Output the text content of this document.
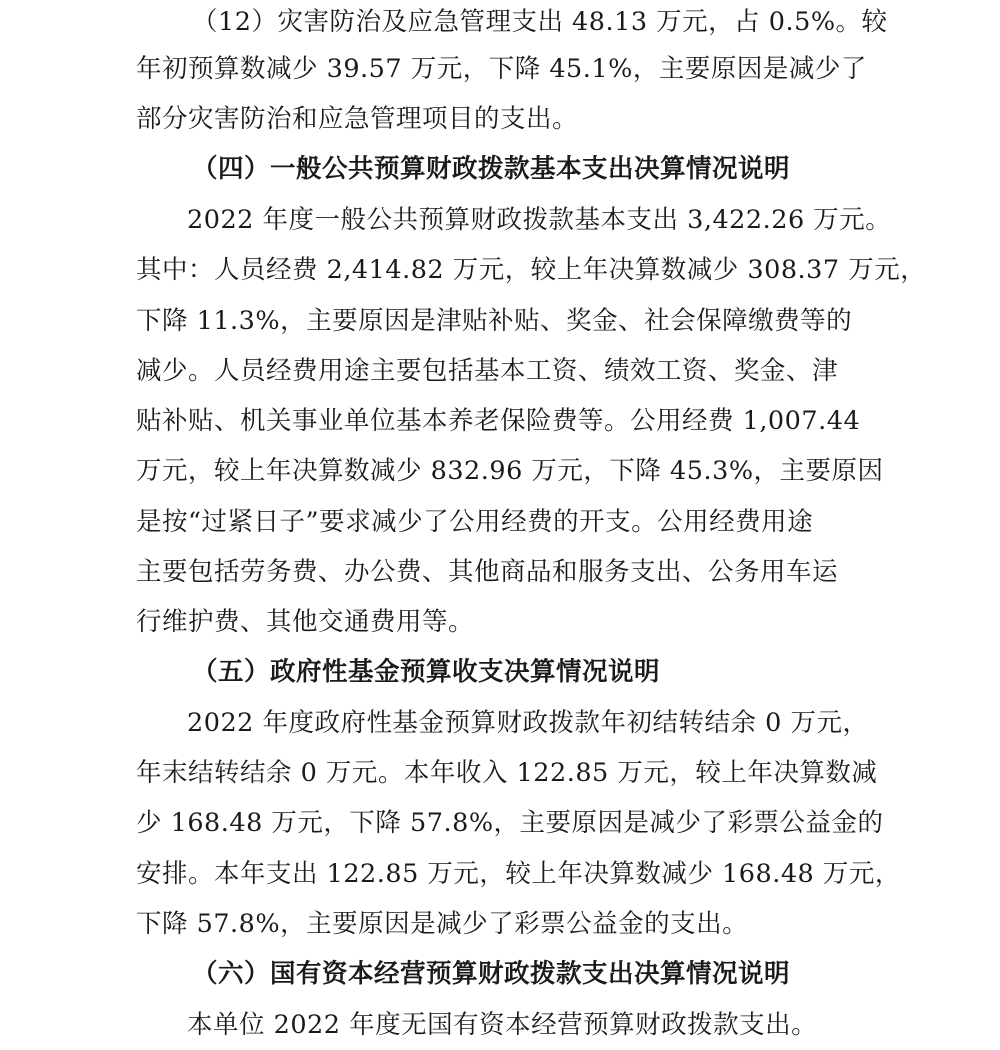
（12）灾害防治及应急管理支出 48.13 万元，占 0.5%。较
年初预算数减少 39.57 万元，下降 45.1%，主要原因是减少了
部分灾害防治和应急管理项目的支出。
（四）一般公共预算财政拨款基本支出决算情况说明
2022 年度一般公共预算财政拨款基本支出 3,422.26 万元。
其中：人员经费 2,414.82 万元，较上年决算数减少 308.37 万元，
下降 11.3%，主要原因是津贴补贴、奖金、社会保障缴费等的
减少。人员经费用途主要包括基本工资、绩效工资、奖金、津
贴补贴、机关事业单位基本养老保险费等。公用经费 1,007.44
万元，较上年决算数减少 832.96 万元，下降 45.3%，主要原因
是按“过紧日子”要求减少了公用经费的开支。公用经费用途
主要包括劳务费、办公费、其他商品和服务支出、公务用车运
行维护费、其他交通费用等。
（五）政府性基金预算收支决算情况说明
2022 年度政府性基金预算财政拨款年初结转结余 0 万元，
年末结转结余 0 万元。本年收入 122.85 万元，较上年决算数减
少 168.48 万元，下降 57.8%，主要原因是减少了彩票公益金的
安排。本年支出 122.85 万元，较上年决算数减少 168.48 万元，
下降 57.8%，主要原因是减少了彩票公益金的支出。
（六）国有资本经营预算财政拨款支出决算情况说明
本单位 2022 年度无国有资本经营预算财政拨款支出。
